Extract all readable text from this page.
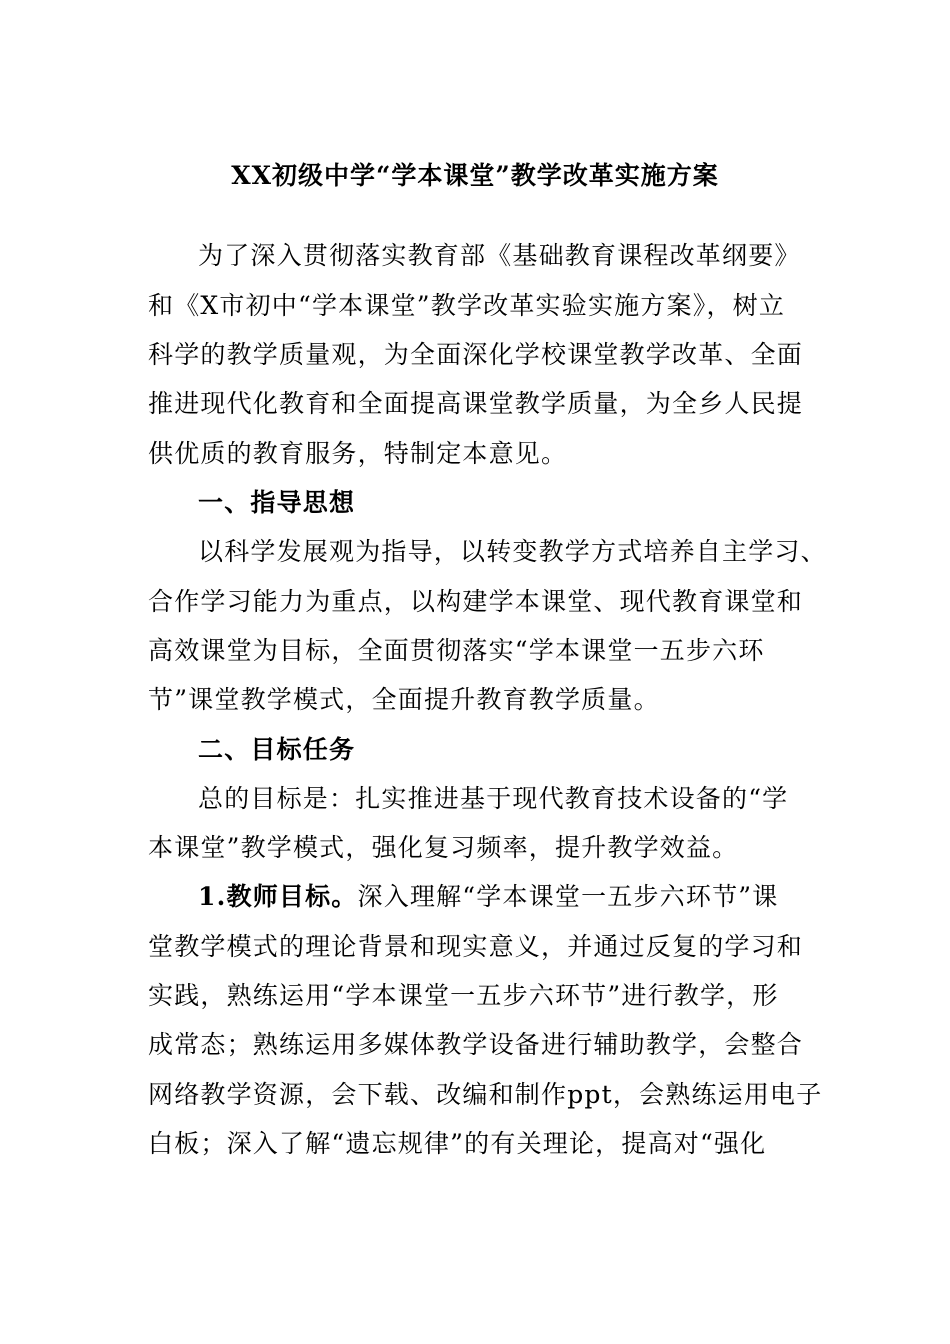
XX初级中学“学本课堂”教学改革实施方案
为了深入贯彻落实教育部《基础教育课程改革纲要》
和《X市初中“学本课堂”教学改革实验实施方案》，树立
科学的教学质量观，为全面深化学校课堂教学改革、全面
推进现代化教育和全面提高课堂教学质量，为全乡人民提
供优质的教育服务，特制定本意见。
一、指导思想
以科学发展观为指导，以转变教学方式培养自主学习、
合作学习能力为重点，以构建学本课堂、现代教育课堂和
高效课堂为目标，全面贯彻落实“学本课堂一五步六环
节”课堂教学模式，全面提升教育教学质量。
二、目标任务
总的目标是：扎实推进基于现代教育技术设备的“学
本课堂”教学模式，强化复习频率，提升教学效益。
1.教师目标。深入理解“学本课堂一五步六环节”课
堂教学模式的理论背景和现实意义，并通过反复的学习和
实践，熟练运用“学本课堂一五步六环节”进行教学，形
成常态；熟练运用多媒体教学设备进行辅助教学，会整合
网络教学资源，会下载、改编和制作ppt，会熟练运用电子
白板；深入了解“遗忘规律”的有关理论，提高对“强化
